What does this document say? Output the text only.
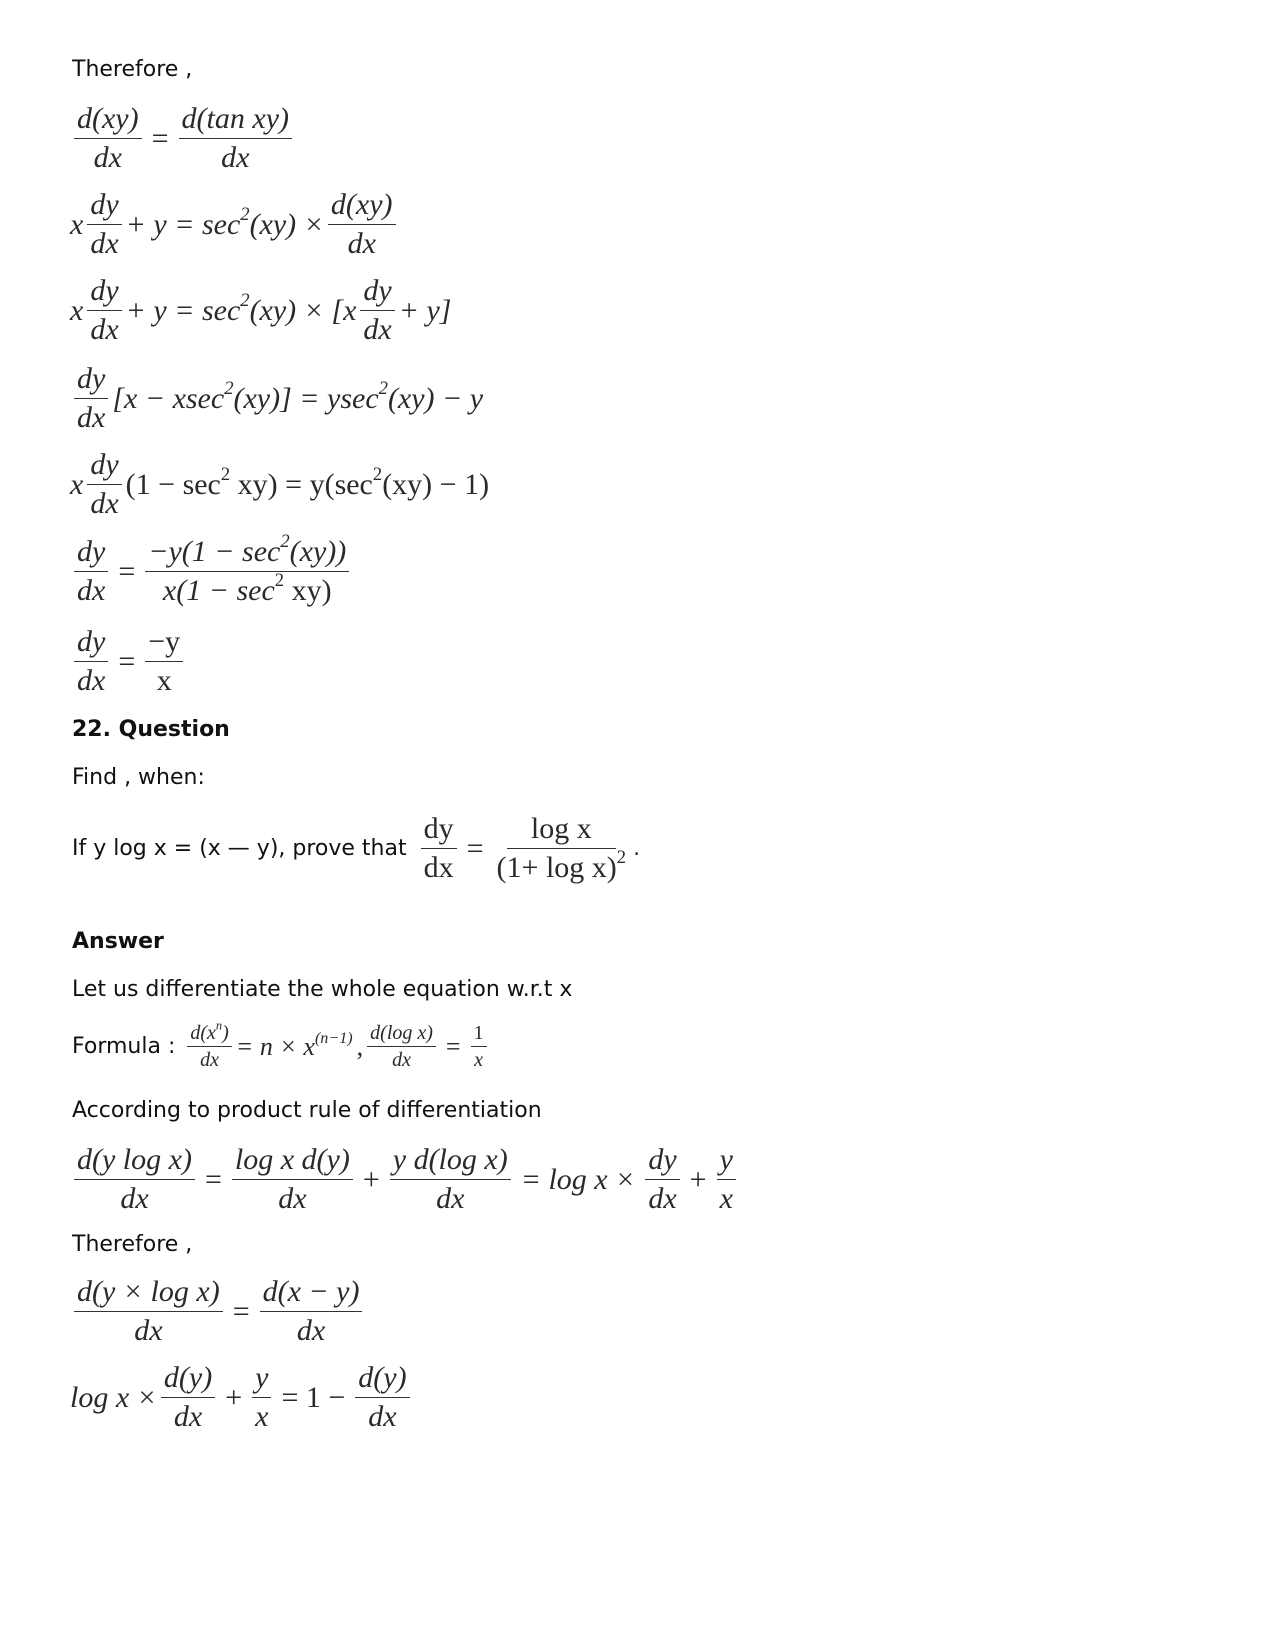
Therefore ,
$\frac{d(xy)}{dx} = \frac{\text{d(tan xy)}}{dx}$
x $\frac{dy}{dx} + y = \sec^2(xy) \times \frac{d(xy)}{dx}$
x $\frac{dy}{dx} + y = \sec^2(xy) \times [x \frac{dy}{dx} + y]$
$\frac{dy}{dx} [x - xsec^2(xy)] = ysec^2(xy) - y$
x $\frac{dy}{dx} (1 - \sec^2 xy) = y(\sec^2(xy) - 1)$
$\frac{dy}{dx} = \frac{-y(1 - \sec^2(xy))}{x(1 - \sec^2 xy)}$
$\frac{dy}{dx} = \frac{-y}{x}$
22. Question
Find , when:
If y log x = (x — y), prove that $\frac{dy}{dx} = \frac{\text{log x}}{(1+ \log x)^2}$ .
Answer
Let us differentiate the whole equation w.r.t x
Formula : $\frac{d(x^n)}{dx} = n \times x^{(n-1)}$ , $\frac{\text{d(log x)}}{dx} = \frac{1}{x}$
According to product rule of differentiation
$\frac{\text{d(y log x)}}{dx} = \frac{\text{log x d(y)}}{dx} + \frac{\text{y d(log x)}}{dx} = \log x \times \frac{dy}{dx} + \frac{y}{x}$
Therefore ,
$\frac{\text{d(y × log x)}}{dx} = \frac{d(x - y)}{dx}$
$\log x \times \frac{d(y)}{dx} + \frac{y}{x} = 1 - \frac{d(y)}{dx}$
